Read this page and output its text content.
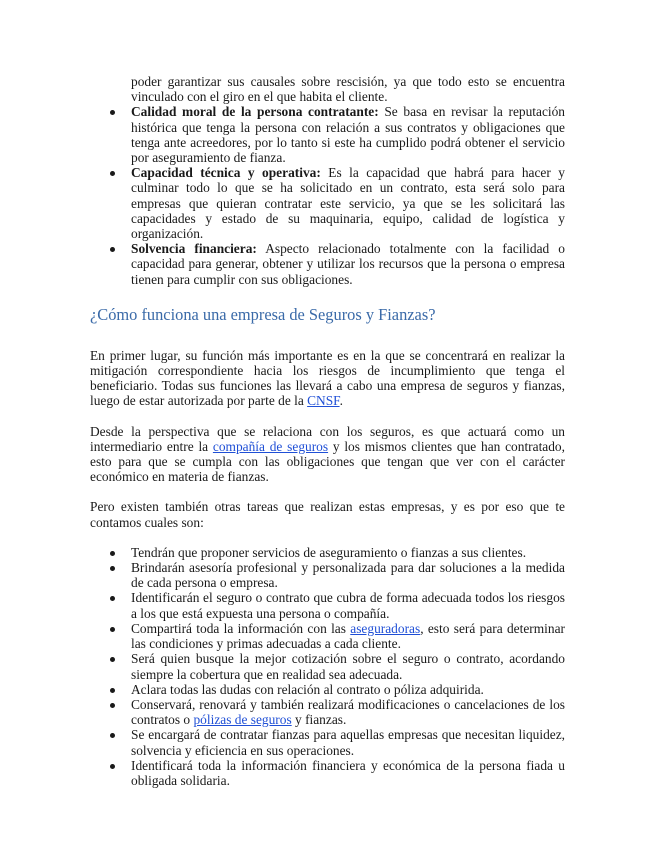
poder garantizar sus causales sobre rescisión, ya que todo esto se encuentra vinculado con el giro en el que habita el cliente.
Calidad moral de la persona contratante: Se basa en revisar la reputación histórica que tenga la persona con relación a sus contratos y obligaciones que tenga ante acreedores, por lo tanto si este ha cumplido podrá obtener el servicio por aseguramiento de fianza.
Capacidad técnica y operativa: Es la capacidad que habrá para hacer y culminar todo lo que se ha solicitado en un contrato, esta será solo para empresas que quieran contratar este servicio, ya que se les solicitará las capacidades y estado de su maquinaria, equipo, calidad de logística y organización.
Solvencia financiera: Aspecto relacionado totalmente con la facilidad o capacidad para generar, obtener y utilizar los recursos que la persona o empresa tienen para cumplir con sus obligaciones.
¿Cómo funciona una empresa de Seguros y Fianzas?

En primer lugar, su función más importante es en la que se concentrará en realizar la mitigación correspondiente hacia los riesgos de incumplimiento que tenga el beneficiario. Todas sus funciones las llevará a cabo una empresa de seguros y fianzas, luego de estar autorizada por parte de la CNSF.

Desde la perspectiva que se relaciona con los seguros, es que actuará como un intermediario entre la compañía de seguros y los mismos clientes que han contratado, esto para que se cumpla con las obligaciones que tengan que ver con el carácter económico en materia de fianzas.

Pero existen también otras tareas que realizan estas empresas, y es por eso que te contamos cuales son:

Tendrán que proponer servicios de aseguramiento o fianzas a sus clientes.
Brindarán asesoría profesional y personalizada para dar soluciones a la medida de cada persona o empresa.
Identificarán el seguro o contrato que cubra de forma adecuada todos los riesgos a los que está expuesta una persona o compañía.
Compartirá toda la información con las aseguradoras, esto será para determinar las condiciones y primas adecuadas a cada cliente.
Será quien busque la mejor cotización sobre el seguro o contrato, acordando siempre la cobertura que en realidad sea adecuada.
Aclara todas las dudas con relación al contrato o póliza adquirida.
Conservará, renovará y también realizará modificaciones o cancelaciones de los contratos o pólizas de seguros y fianzas.
Se encargará de contratar fianzas para aquellas empresas que necesitan liquidez, solvencia y eficiencia en sus operaciones.
Identificará toda la información financiera y económica de la persona fiada u obligada solidaria.
